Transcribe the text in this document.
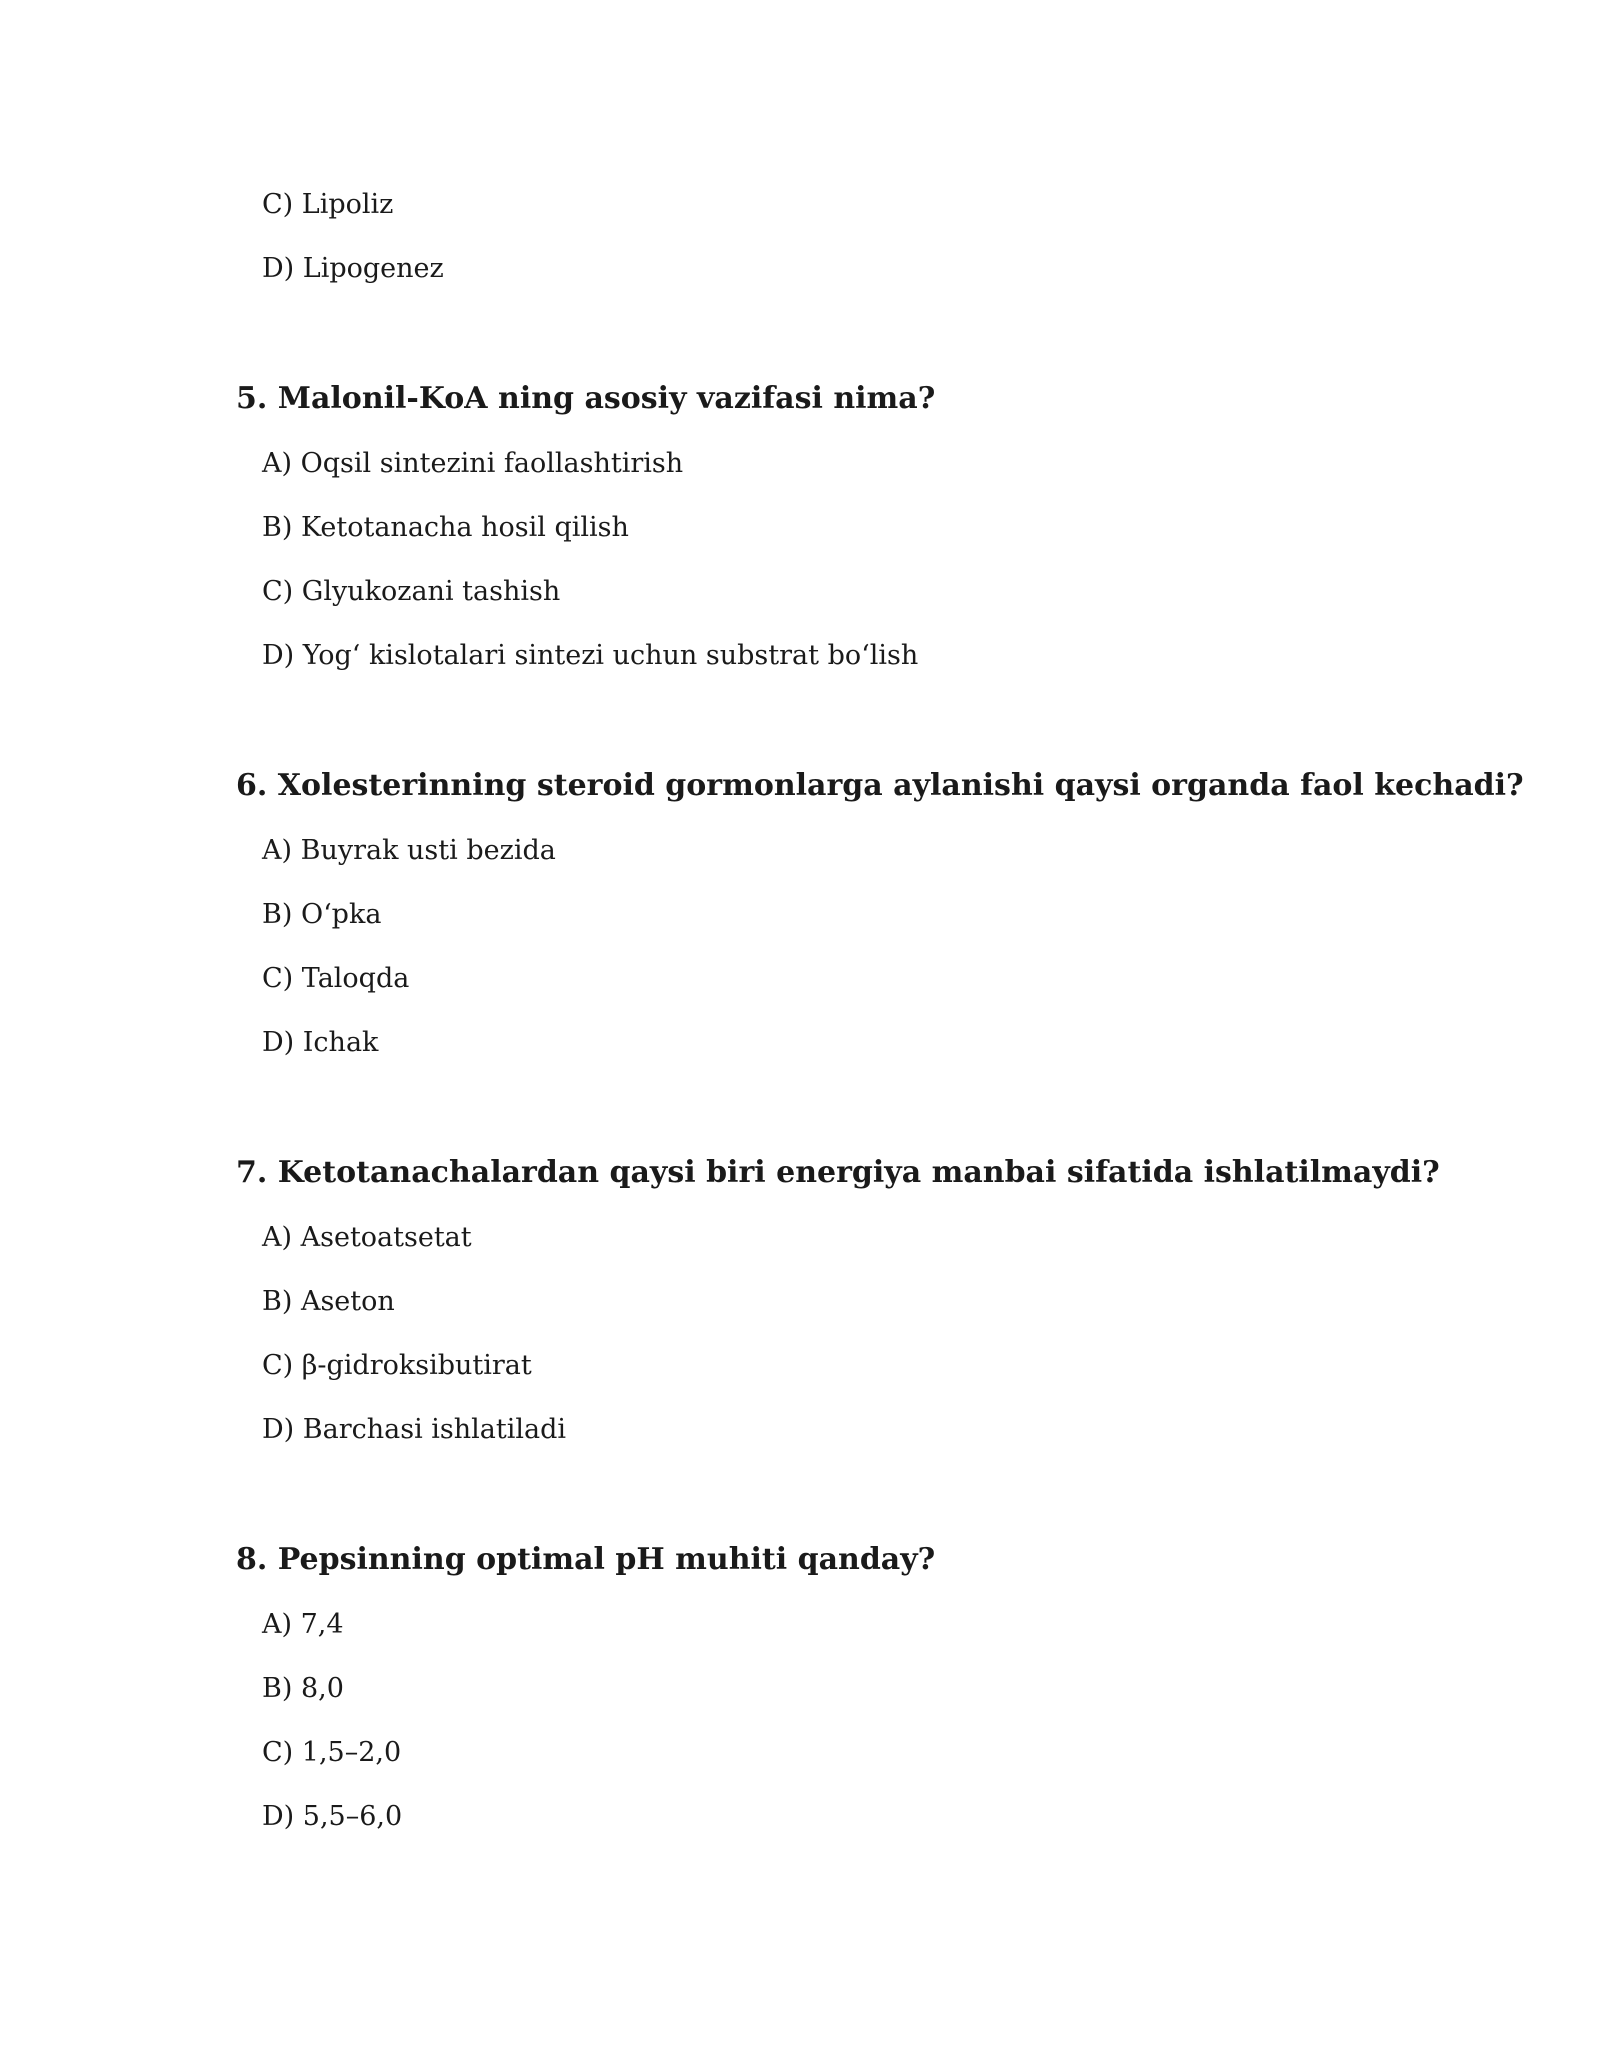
C) Lipoliz
D) Lipogenez
5. Malonil-KoA ning asosiy vazifasi nima?
A) Oqsil sintezini faollashtirish
B) Ketotanacha hosil qilish
C) Glyukozani tashish
D) Yog‘ kislotalari sintezi uchun substrat bo‘lish
6. Xolesterinning steroid gormonlarga aylanishi qaysi organda faol kechadi?
A) Buyrak usti bezida
B) O‘pka
C) Taloqda
D) Ichak
7. Ketotanachalardan qaysi biri energiya manbai sifatida ishlatilmaydi?
A) Asetoatsetat
B) Aseton
C) β-gidroksibutirat
D) Barchasi ishlatiladi
8. Pepsinning optimal pH muhiti qanday?
A) 7,4
B) 8,0
C) 1,5–2,0
D) 5,5–6,0
